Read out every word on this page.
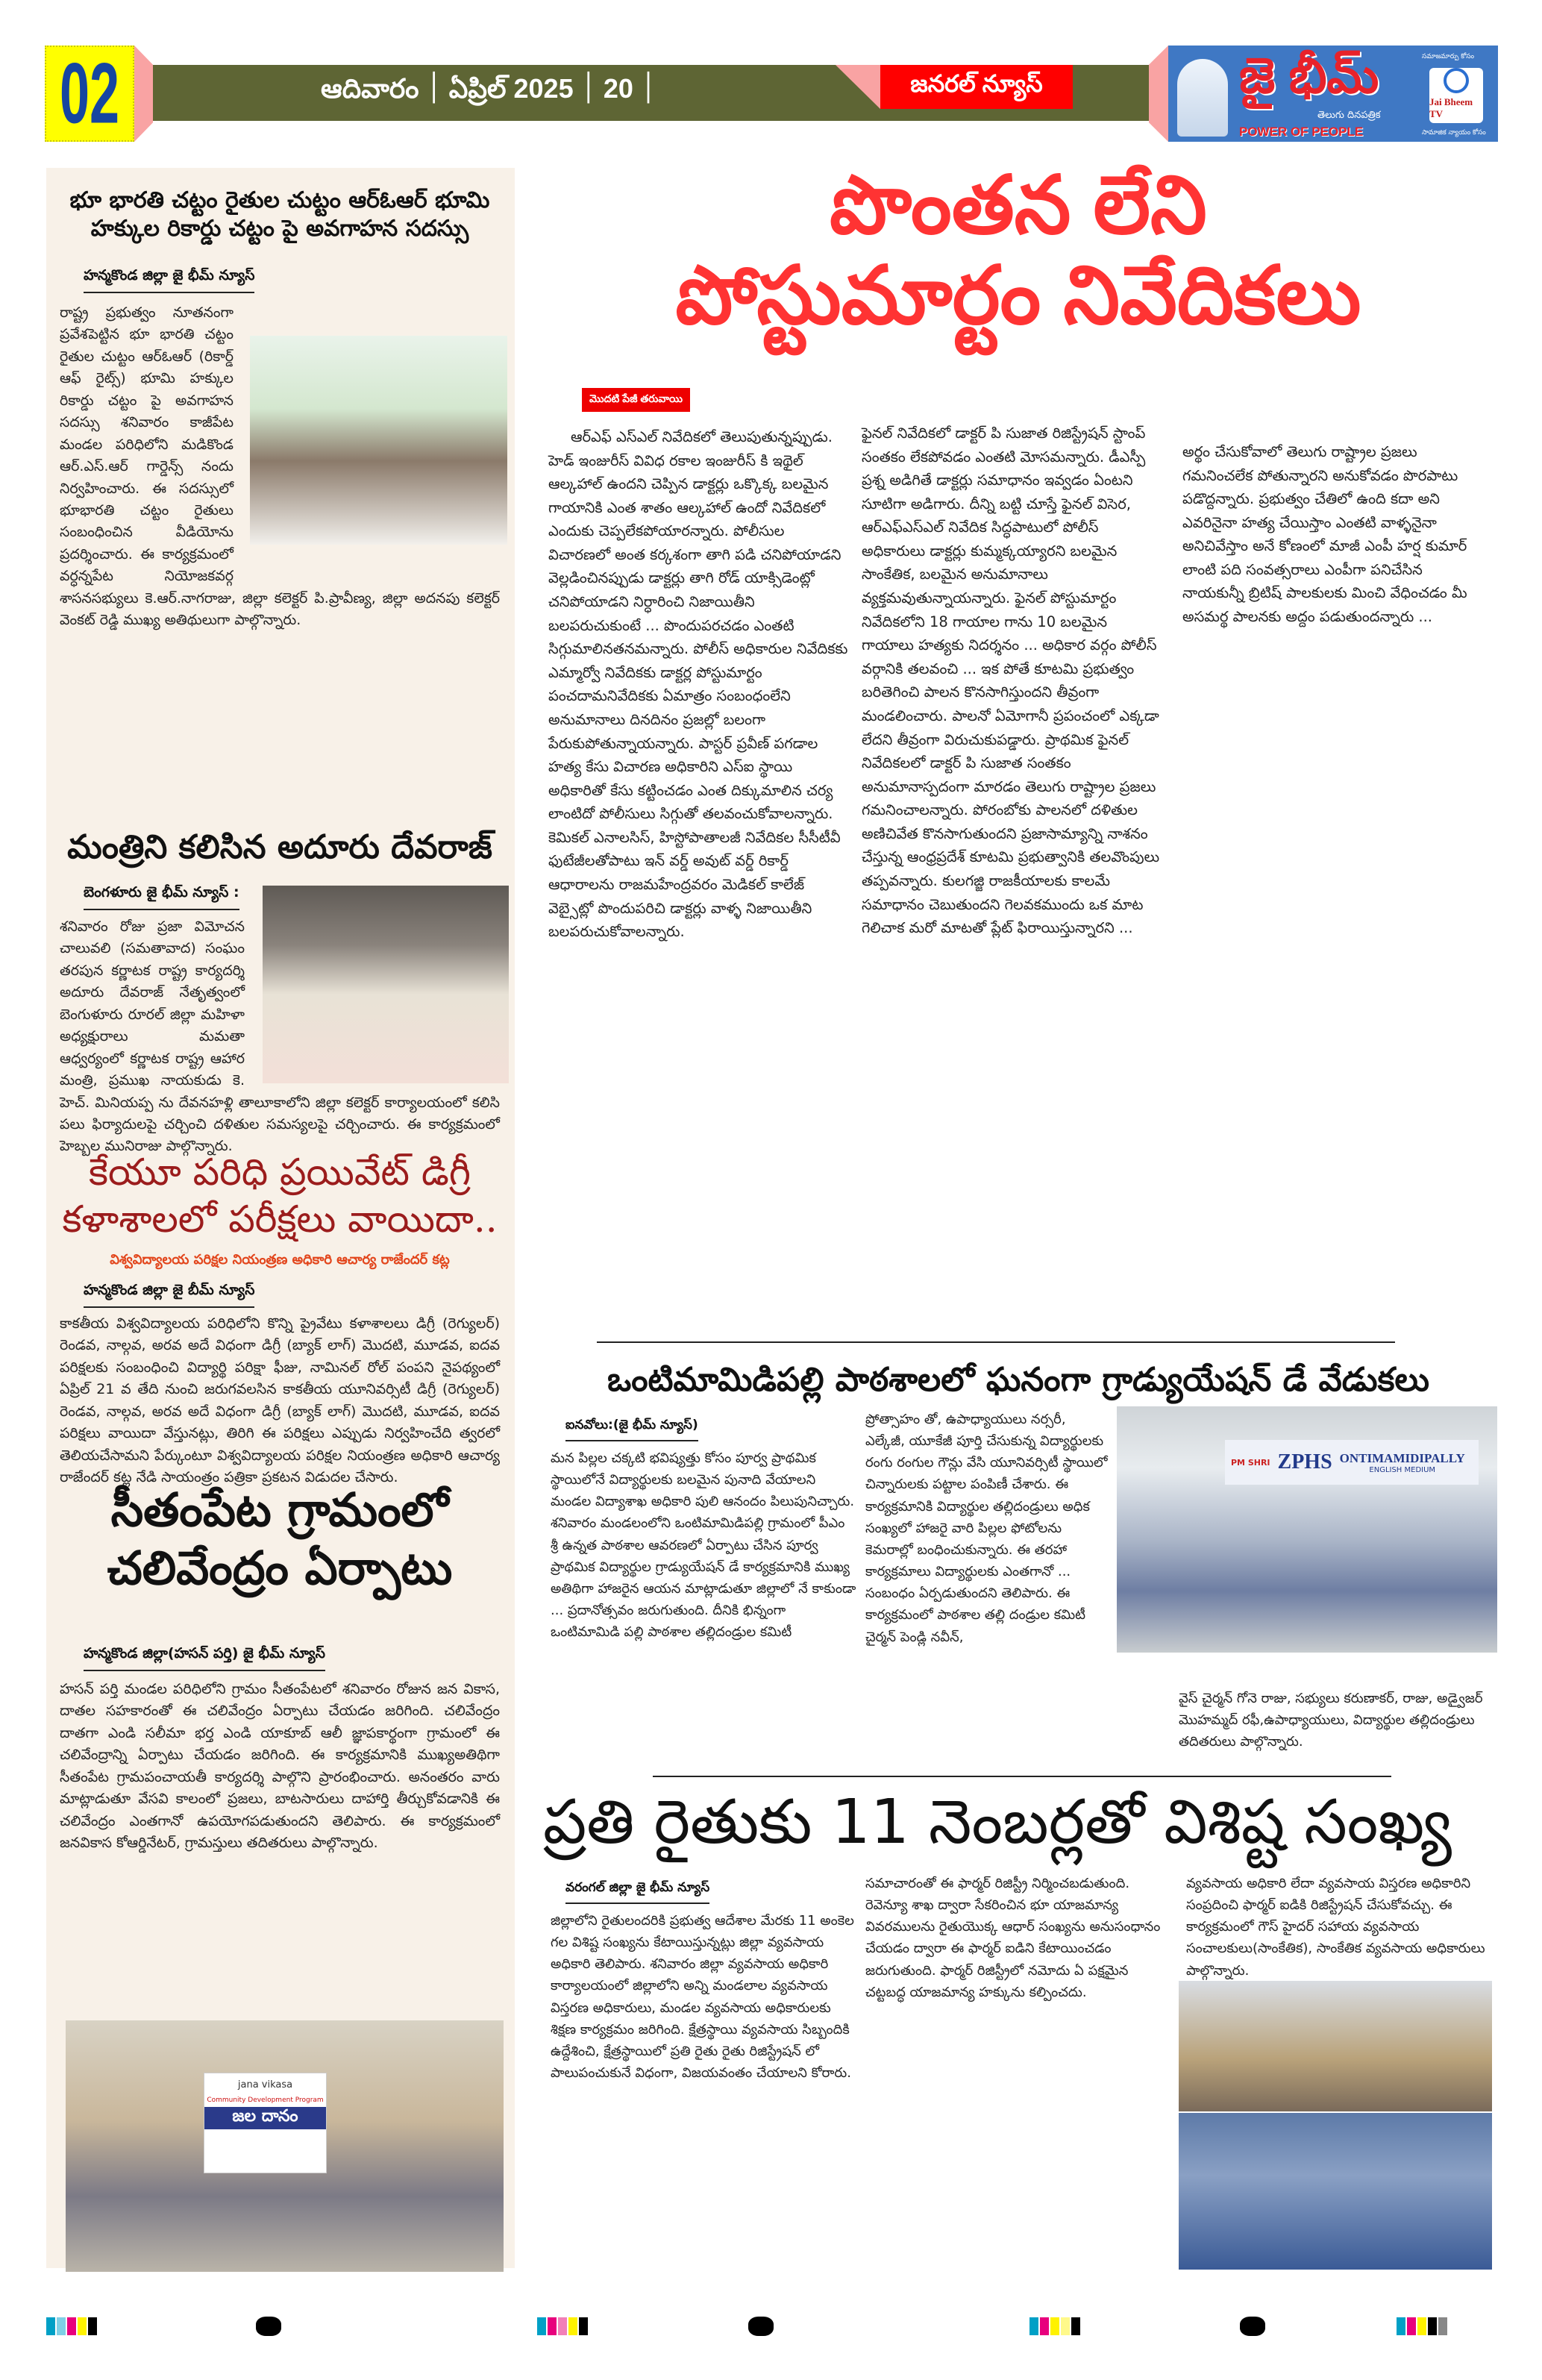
02	ఆదివారం ׀ ఏప్రిల్ ׀ 20 ׀ 2025	జనరల్ న్యూస్	జై భీమ్
తెలుగు దినపత్రిక
POWER OF PEOPLE
సమాజమార్పు కోసం
Jai Bheem TV
సామాజిక న్యాయం కోసం
భూ భారతి చట్టం రైతుల చుట్టం ఆర్ఓఆర్ భూమి హక్కుల రికార్డు చట్టం పై అవగాహన సదస్సు
హన్మకొండ జిల్లా జై భీమ్ న్యూస్
రాష్ట్ర ప్రభుత్వం నూతనంగా ప్రవేశపెట్టిన భూ భారతి చట్టం రైతుల చుట్టం ఆర్ఓఆర్ (రికార్డ్ ఆఫ్ రైట్స్) భూమి హక్కుల రికార్డు చట్టం పై అవగాహన సదస్సు శనివారం కాజీపేట మండల పరిధిలోని మడికొండ ఆర్.ఎస్.ఆర్ గార్డెన్స్ నందు నిర్వహించారు. ఈ సదస్సులో భూభారతి చట్టం రైతులు సంబంధించిన వీడియోను ప్రదర్శించారు. ఈ కార్యక్రమంలో వర్ధన్నపేట నియోజకవర్గ శాసనసభ్యులు కె.ఆర్.నాగరాజు, జిల్లా కలెక్టర్ పి.ప్రావీణ్య, జిల్లా అదనపు కలెక్టర్ వెంకట్ రెడ్డి ముఖ్య అతిథులుగా పాల్గొన్నారు.
మంత్రిని కలిసిన అదూరు దేవరాజ్
బెంగళూరు జై భీమ్ న్యూస్ :
శనివారం రోజు ప్రజా విమోచన చాలువలి (సమతావాద) సంఘం తరపున కర్ణాటక రాష్ట్ర కార్యదర్శి అదూరు దేవరాజ్ నేతృత్వంలో బెంగుళూరు రూరల్ జిల్లా మహిళా అధ్యక్షురాలు మమతా ఆధ్వర్యంలో కర్ణాటక రాష్ట్ర ఆహార మంత్రి, ప్రముఖ నాయకుడు కె. హెచ్. మినియప్ప ను దేవనహళ్లి తాలూకాలోని జిల్లా కలెక్టర్ కార్యాలయంలో కలిసి పలు ఫిర్యాదులపై చర్చించి దళితుల సమస్యలపై చర్చించారు. ఈ కార్యక్రమంలో హెబ్బల మునిరాజు పాల్గొన్నారు.
కేయూ పరిధి ప్రయివేట్ డిగ్రీ కళాశాలలో పరీక్షలు వాయిదా..
విశ్వవిద్యాలయ పరిక్షల నియంత్రణ అధికారి ఆచార్య రాజేందర్ కట్ల
హన్మకొండ జిల్లా జై బీమ్ న్యూస్
కాకతీయ విశ్వవిద్యాలయ పరిధిలోని కొన్ని ప్రైవేటు కళాశాలలు డిగ్రీ (రెగ్యులర్) రెండవ, నాల్గవ, అరవ అదే విధంగా డిగ్రీ (బ్యాక్ లాగ్) మొదటి, మూడవ, ఐదవ పరిక్షలకు సంబంధించి విద్యార్థి పరిక్షా ఫీజు, నామినల్ రోల్ పంపని నైపథ్యంలో ఏప్రిల్ 21 వ తేది నుంచి జరుగవలసిన కాకతీయ యూనివర్సిటీ డిగ్రీ (రెగ్యులర్) రెండవ, నాల్గవ, అరవ అదే విధంగా డిగ్రీ (బ్యాక్ లాగ్) మొదటి, మూడవ, ఐదవ పరిక్షలు వాయిదా వేస్తునట్లు, తిరిగి ఈ పరిక్షలు ఎప్పుడు నిర్వహించేది త్వరలో తెలియచేసామని పేర్కుంటూ విశ్వవిద్యాలయ పరిక్షల నియంత్రణ అధికారి ఆచార్య రాజేందర్ కట్ల నేడి సాయంత్రం పత్రికా ప్రకటన విడుదల చేసారు.
సీతంపేట గ్రామంలో చలివేంద్రం ఏర్పాటు
హన్మకొండ జిల్లా(హసన్ పర్తి) జై భీమ్ న్యూస్
హసన్ పర్తి మండల పరిధిలోని గ్రామం సీతంపేటలో శనివారం రోజున జన వికాస, దాతల సహకారంతో ఈ చలివేంద్రం ఏర్పాటు చేయడం జరిగింది. చలివేంద్రం దాతగా ఎండి సలీమా భర్త ఎండి యాకూబ్ ఆలీ జ్ఞాపకార్థంగా గ్రామంలో ఈ చలివేంద్రాన్ని ఏర్పాటు చేయడం జరిగింది. ఈ కార్యక్రమానికి ముఖ్యఅతిథిగా సీతంపేట గ్రామపంచాయతీ కార్యదర్శి పాల్గొని ప్రారంభించారు. అనంతరం వారు మాట్లాడుతూ వేసవి కాలంలో ప్రజలు, బాటసారులు దాహార్తి తీర్చుకోవడానికి ఈ చలివేంద్రం ఎంతగానో ఉపయోగపడుతుందని తెలిపారు. ఈ కార్యక్రమంలో జనవికాస కోఆర్డినేటర్, గ్రామస్తులు తదితరులు పాల్గొన్నారు.
jana vikasa
Community Development Program
జల దానం
పొంతన లేని
పోస్టుమార్టం నివేదికలు
మొదటి పేజీ తరువాయి
ఆర్ఎఫ్ ఎస్ఎల్ నివేదికలో తెలుపుతున్నప్పుడు. హెడ్ ఇంజురీస్ వివిధ రకాల ఇంజురీస్ కి ఇథైల్ ఆల్కహాల్ ఉందని చెప్పిన డాక్టర్లు ఒక్కొక్క బలమైన గాయానికి ఎంత శాతం ఆల్కహాల్ ఉందో నివేదికలో ఎందుకు చెప్పలేకపోయారన్నారు. పోలీసుల విచారణలో అంత కర్కశంగా తాగి పడి చనిపోయాడని వెల్లడించినప్పుడు డాక్టర్లు తాగి రోడ్ యాక్సిడెంట్లో చనిపోయాడని నిర్ధారించి నిజాయితీని బలపరుచుకుంటే ... పొందుపరచడం ఎంతటి సిగ్గుమాలినతనమన్నారు. పోలీస్ అధికారుల నివేదికకు ఎమ్మార్వో నివేదికకు డాక్టర్ల పోస్టుమార్టం పంచదామనివేదికకు ఏమాత్రం సంబంధంలేని అనుమానాలు దినదినం ప్రజల్లో బలంగా పేరుకుపోతున్నాయన్నారు. పాస్టర్ ప్రవీణ్ పగడాల హత్య కేసు విచారణ అధికారిని ఎస్ఐ స్థాయి అధికారితో కేసు కట్టించడం ఎంత దిక్కుమాలిన చర్య లాంటిదో పోలీసులు సిగ్గుతో తలవంచుకోవాలన్నారు. కెమికల్ ఎనాలసిస్, హిస్టోపాతాలజీ నివేదికల సీసీటీవీ ఫుటేజీలతోపాటు ఇన్ వర్డ్ అవుట్ వర్డ్ రికార్డ్ ఆధారాలను రాజమహేంద్రవరం మెడికల్ కాలేజ్ వెబ్సైట్లో పొందుపరిచి డాక్టర్లు వాళ్ళ నిజాయితీని బలపరుచుకోవాలన్నారు.
ఫైనల్ నివేదికలో డాక్టర్ పి సుజాత రిజిస్ట్రేషన్ స్టాంప్ సంతకం లేకపోవడం ఎంతటి మోసమన్నారు. డీఎస్పీ ప్రశ్న అడిగితే డాక్టర్లు సమాధానం ఇవ్వడం ఏంటని సూటిగా అడిగారు. దీన్ని బట్టి చూస్తే ఫైనల్ విసెర, ఆర్ఎఫ్ఎస్ఎల్ నివేదిక సిద్ధపాటులో పోలీస్ అధికారులు డాక్టర్లు కుమ్మక్కయ్యారని బలమైన సాంకేతిక, బలమైన అనుమానాలు వ్యక్తమవుతున్నాయన్నారు. ఫైనల్ పోస్టుమార్టం నివేదికలోని 18 గాయాల గాను 10 బలమైన గాయాలు హత్యకు నిదర్శనం ... అధికార వర్గం పోలీస్ వర్గానికి తలవంచి ... ఇక పోతే కూటమి ప్రభుత్వం బరితెగించి పాలన కొనసాగిస్తుందని తీవ్రంగా మండలించారు. పాలనో ఏమోగానీ ప్రపంచంలో ఎక్కడా లేదని తీవ్రంగా విరుచుకుపడ్డారు. ప్రాథమిక ఫైనల్ నివేదికలలో డాక్టర్ పి సుజాత సంతకం అనుమానాస్పదంగా మారడం తెలుగు రాష్ట్రాల ప్రజలు గమనించాలన్నారు. పోరంబోకు పాలనలో దళితుల అణిచివేత కొనసాగుతుందని ప్రజాసామ్యాన్ని నాశనం చేస్తున్న ఆంధ్రప్రదేశ్ కూటమి ప్రభుత్వానికి తలవొంపులు తప్పవన్నారు. కులగజ్జి రాజకీయాలకు కాలమే సమాధానం చెబుతుందని గెలవకముందు ఒక మాట గెలిచాక మరో మాటతో ప్లేట్ ఫిరాయిస్తున్నారని ...
అర్థం చేసుకోవాలో తెలుగు రాష్ట్రాల ప్రజలు గమనించలేక పోతున్నారని అనుకోవడం పొరపాటు పడొద్దన్నారు. ప్రభుత్వం చేతిలో ఉంది కదా అని ఎవరినైనా హత్య చేయిస్తాం ఎంతటి వాళ్ళనైనా అనిచివేస్తాం అనే కోణంలో మాజీ ఎంపీ హర్ష కుమార్ లాంటి పది సంవత్సరాలు ఎంపీగా పనిచేసిన నాయకున్నీ బ్రిటిష్ పాలకులకు మించి వేధించడం మీ అసమర్థ పాలనకు అద్దం పడుతుందన్నారు ...
ఒంటిమామిడిపల్లి పాఠశాలలో ఘనంగా గ్రాడ్యుయేషన్ డే వేడుకలు
ఐనవోలు:(జై భీమ్ న్యూస్)
మన పిల్లల చక్కటి భవిష్యత్తు కోసం పూర్వ ప్రాథమిక స్థాయిలోనే విద్యార్థులకు బలమైన పునాది వేయాలని మండల విద్యాశాఖ అధికారి పులి ఆనందం పిలుపునిచ్చారు. శనివారం మండలంలోని ఒంటిమామిడిపల్లి గ్రామంలో పీఎం శ్రీ ఉన్నత పాఠశాల ఆవరణలో ఏర్పాటు చేసిన పూర్వ ప్రాథమిక విద్యార్థుల గ్రాడ్యుయేషన్ డే కార్యక్రమానికి ముఖ్య అతిథిగా హాజరైన ఆయన మాట్లాడుతూ జిల్లాలో నే కాకుండా ... ప్రదానోత్సవం జరుగుతుంది. దీనికి భిన్నంగా ఒంటిమామిడి పల్లి పాఠశాల తల్లిదండ్రుల కమిటీ
ప్రోత్సాహం తో, ఉపాధ్యాయులు నర్సరీ, ఎల్కేజీ, యూకేజీ పూర్తి చేసుకున్న విద్యార్థులకు రంగు రంగుల గౌన్లు వేసి యూనివర్సిటీ స్థాయిలో చిన్నారులకు పట్టాల పంపిణీ చేశారు. ఈ కార్యక్రమానికి విద్యార్థుల తల్లిదండ్రులు అధిక సంఖ్యలో హాజరై వారి పిల్లల ఫోటోలను కెమరాల్లో బంధించుకున్నారు. ఈ తరహా కార్యక్రమాలు విద్యార్థులకు ఎంతగానో ... సంబంధం ఏర్పడుతుందని తెలిపారు. ఈ కార్యక్రమంలో పాఠశాల తల్లి దండ్రుల కమిటీ చైర్మన్ పెండ్లి నవీన్,
PM SHRI ZPHS ONTIMAMIDIPALLY
ENGLISH MEDIUM
వైస్ చైర్మన్ గోనె రాజు, సభ్యులు కరుణాకర్, రాజు, అడ్వైజర్ మొహమ్మద్ రఫీ,ఉపాధ్యాయులు, విద్యార్థుల తల్లిదండ్రులు తదితరులు పాల్గొన్నారు.
ప్రతి రైతుకు 11 నెంబర్లతో విశిష్ట సంఖ్య
వరంగల్ జిల్లా జై భీమ్ న్యూస్
జిల్లాలోని రైతులందరికి ప్రభుత్వ ఆదేశాల మేరకు 11 అంకెల గల విశిష్ట సంఖ్యను కేటాయిస్తున్నట్లు జిల్లా వ్యవసాయ అధికారి తెలిపారు. శనివారం జిల్లా వ్యవసాయ అధికారి కార్యాలయంలో జిల్లాలోని అన్ని మండలాల వ్యవసాయ విస్తరణ అధికారులు, మండల వ్యవసాయ అధికారులకు శిక్షణ కార్యక్రమం జరిగింది. క్షేత్రస్థాయి వ్యవసాయ సిబ్బందికి ఉద్దేశించి, క్షేత్రస్థాయిలో ప్రతి రైతు రైతు రిజిస్ట్రేషన్ లో పాలుపంచుకునే విధంగా, విజయవంతం చేయాలని కోరారు.
సమాచారంతో ఈ ఫార్మర్ రిజిస్ట్రీ నిర్మించబడుతుంది. రెవెన్యూ శాఖ ద్వారా సేకరించిన భూ యాజమాన్య వివరములను రైతుయొక్క ఆధార్ సంఖ్యను అనుసంధానం చేయడం ద్వారా ఈ ఫార్మర్ ఐడిని కేటాయించడం జరుగుతుంది. ఫార్మర్ రిజిస్ట్రీలో నమోదు ఏ పక్షమైన చట్టబద్ధ యాజమాన్య హక్కును కల్పించదు.
వ్యవసాయ అధికారి లేదా వ్యవసాయ విస్తరణ అధికారిని సంప్రదించి ఫార్మర్ ఐడికి రిజిస్ట్రేషన్ చేసుకోవచ్చు. ఈ కార్యక్రమంలో గౌస్ హైదర్ సహాయ వ్యవసాయ సంచాలకులు(సాంకేతిక), సాంకేతిక వ్యవసాయ అధికారులు పాల్గొన్నారు.
